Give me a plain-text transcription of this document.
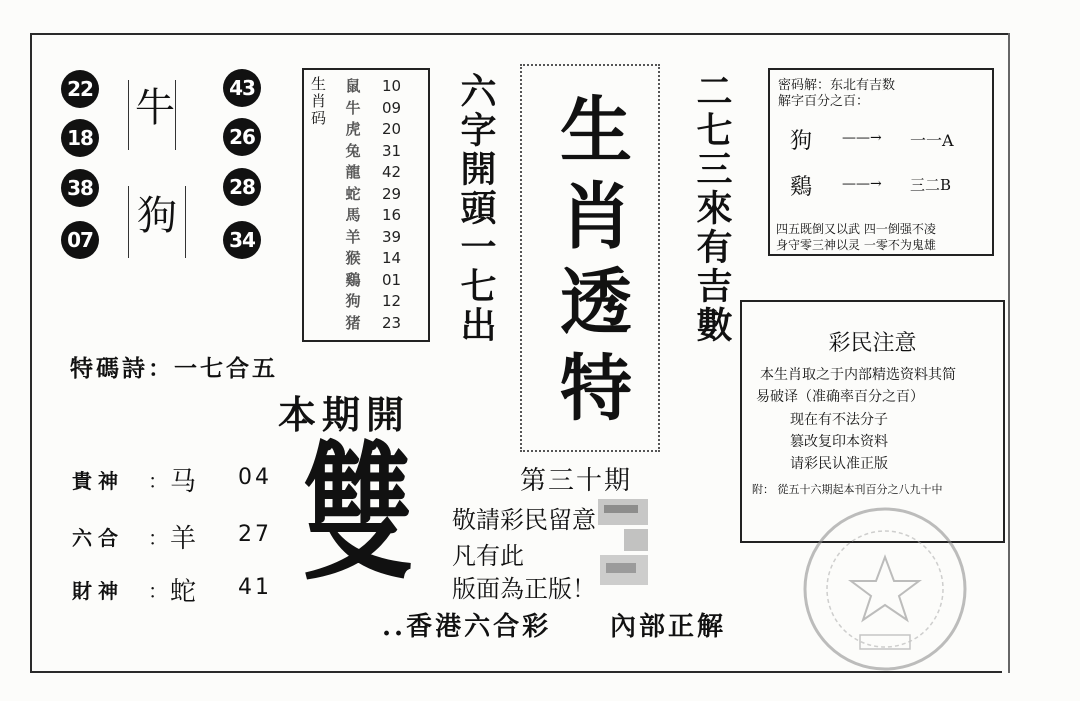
22
18
38
07
43
26
28
34
牛
狗
生肖码 鼠 10
牛 09
虎 20
兔 31
龍 42
蛇 29
馬 16
羊 39
猴 14
鷄 01
狗 12
猪 23 六字開頭一七出 生肖透特 二七三來有吉數	密码解：东北有吉数
解字百分之百：
狗 ——→ 一一A
鷄 ——→ 三二B
四五既倒又以武 四一倒强不凌
身守零三神以灵 一零不为鬼雄
彩民注意
本生肖取之于内部精选资料其简
易破译（准确率百分之百）
现在有不法分子
篡改复印本资料
请彩民认准正版
附： 從五十六期起本刊百分之八九十中
特碼詩：一七合五
本期開
貴神 ： 马 04
六合 ： 羊 27
財神 ： 蛇 41 雙	第三十期
敬請彩民留意
凡有此
版面為正版！
..香港六合彩 內部正解
